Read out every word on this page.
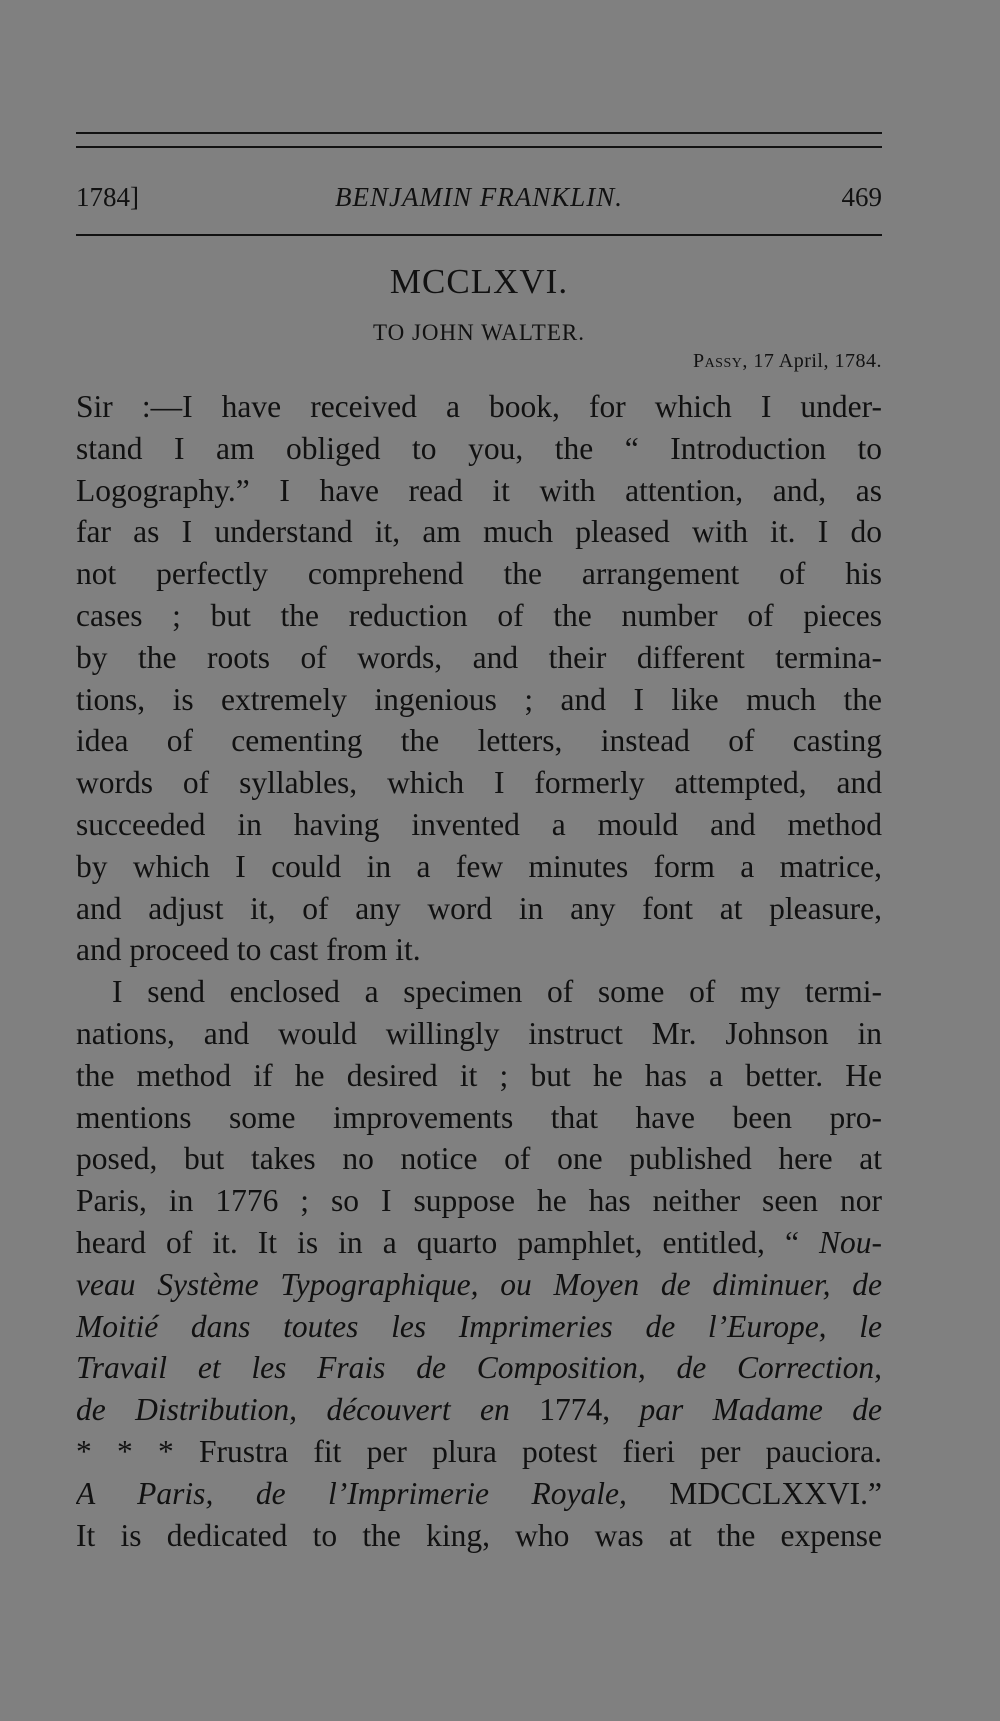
1784]	BENJAMIN FRANKLIN.	469
MCCLXVI.
TO JOHN WALTER.
Passy, 17 April, 1784.
Sir :—I have received a book, for which I under-
stand I am obliged to you, the “ Introduction to
Logography.” I have read it with attention, and, as
far as I understand it, am much pleased with it. I do
not perfectly comprehend the arrangement of his
cases ; but the reduction of the number of pieces
by the roots of words, and their different termina-
tions, is extremely ingenious ; and I like much the
idea of cementing the letters, instead of casting
words of syllables, which I formerly attempted, and
succeeded in having invented a mould and method
by which I could in a few minutes form a matrice,
and adjust it, of any word in any font at pleasure,
and proceed to cast from it.
I send enclosed a specimen of some of my termi-
nations, and would willingly instruct Mr. Johnson in
the method if he desired it ; but he has a better. He
mentions some improvements that have been pro-
posed, but takes no notice of one published here at
Paris, in 1776 ; so I suppose he has neither seen nor
heard of it. It is in a quarto pamphlet, entitled, “ Nou-
veau Système Typographique, ou Moyen de diminuer, de
Moitié dans toutes les Imprimeries de l’Europe, le
Travail et les Frais de Composition, de Correction,
de Distribution, découvert en 1774, par Madame de
* * * Frustra fit per plura potest fieri per pauciora.
A Paris, de l’Imprimerie Royale, MDCCLXXVI.”
It is dedicated to the king, who was at the expense
